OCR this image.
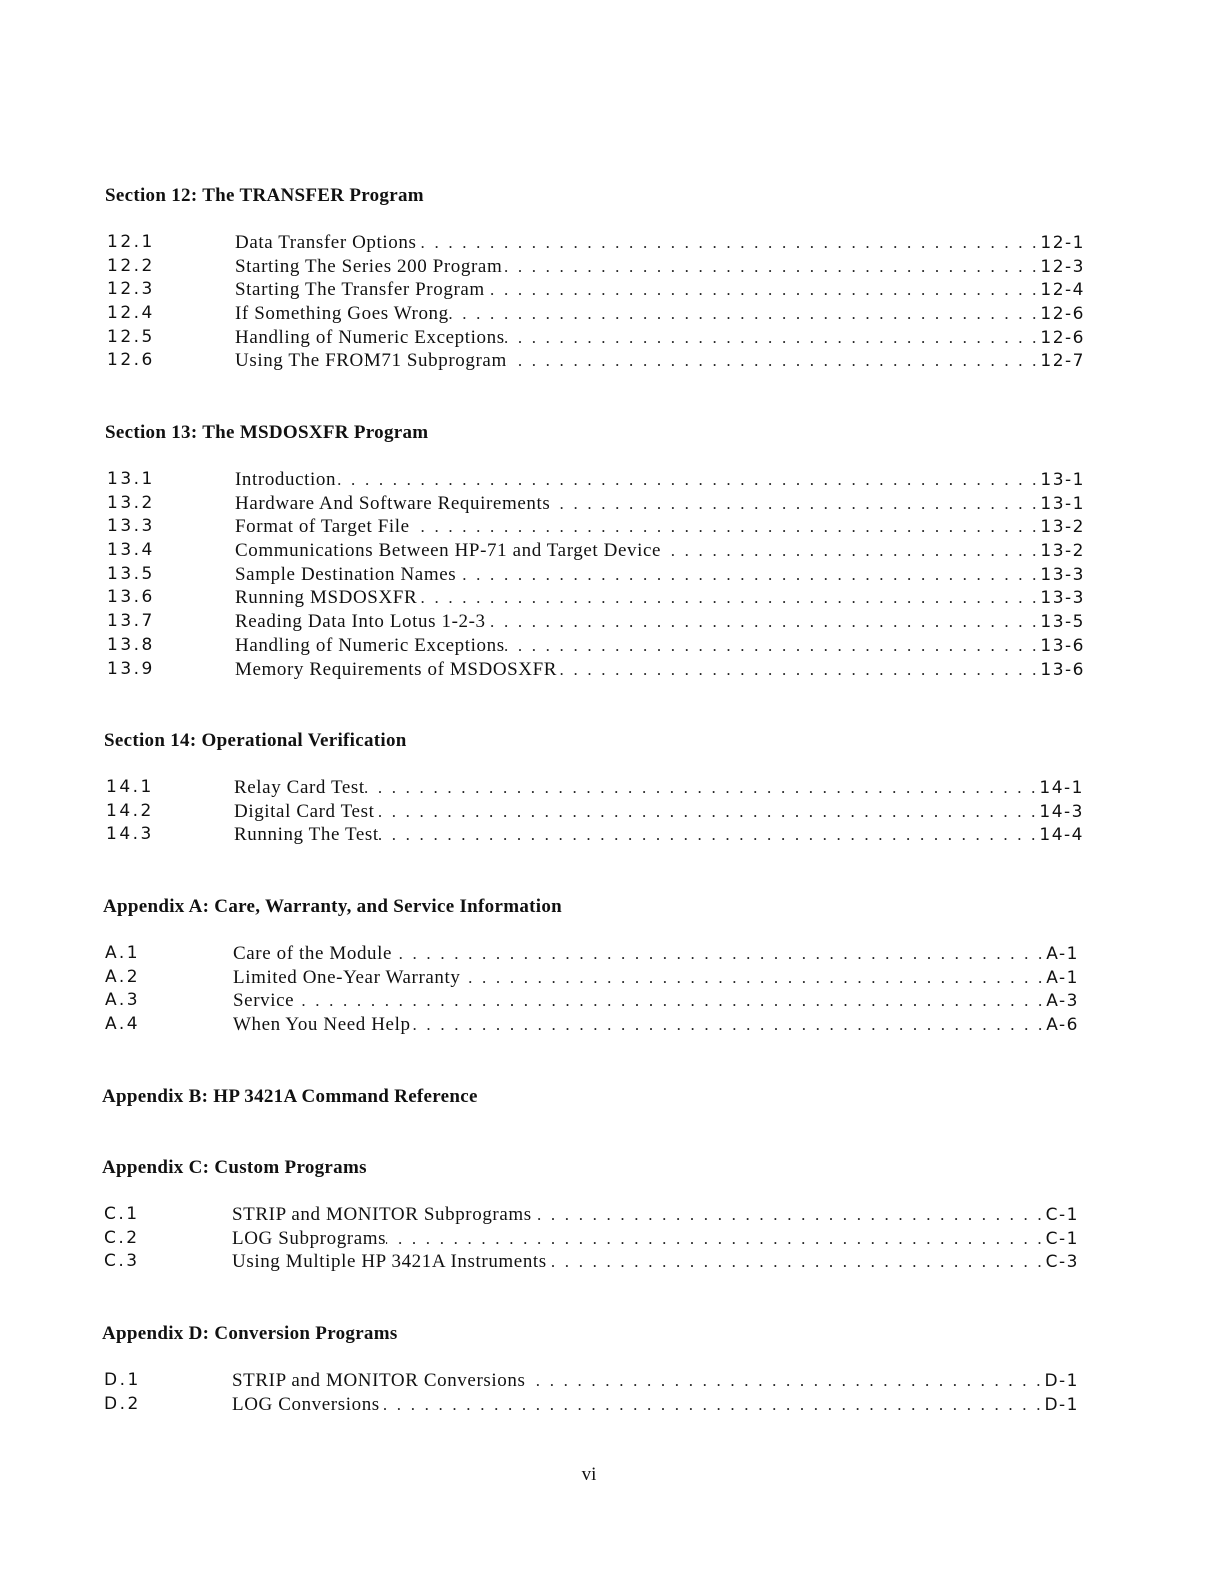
Section 12: The TRANSFER Program
12.1	Data Transfer Options . . .	12-1
12.2	Starting The Series 200 Program . . .	12-3
12.3	Starting The Transfer Program . . .	12-4
12.4	If Something Goes Wrong . . .	12-6
12.5	Handling of Numeric Exceptions . . .	12-6
12.6	Using The FROM71 Subprogram . . .	12-7
Section 13: The MSDOSXFR Program
13.1	Introduction . . .	13-1
13.2	Hardware And Software Requirements . . .	13-1
13.3	Format of Target File . . .	13-2
13.4	Communications Between HP-71 and Target Device . . .	13-2
13.5	Sample Destination Names . . .	13-3
13.6	Running MSDOSXFR . . .	13-3
13.7	Reading Data Into Lotus 1-2-3 . . .	13-5
13.8	Handling of Numeric Exceptions . . .	13-6
13.9	Memory Requirements of MSDOSXFR . . .	13-6
Section 14: Operational Verification
14.1	Relay Card Test . . .	14-1
14.2	Digital Card Test . . .	14-3
14.3	Running The Test . . .	14-4
Appendix A: Care, Warranty, and Service Information
A.1	Care of the Module . . .	A-1
A.2	Limited One-Year Warranty . . .	A-1
A.3	Service . . .	A-3
A.4	When You Need Help . . .	A-6
Appendix B: HP 3421A Command Reference
Appendix C: Custom Programs
C.1	STRIP and MONITOR Subprograms . . .	C-1
C.2	LOG Subprograms . . .	C-1
C.3	Using Multiple HP 3421A Instruments . . .	C-3
Appendix D: Conversion Programs
D.1	STRIP and MONITOR Conversions . . .	D-1
D.2	LOG Conversions . . .	D-1
vi
